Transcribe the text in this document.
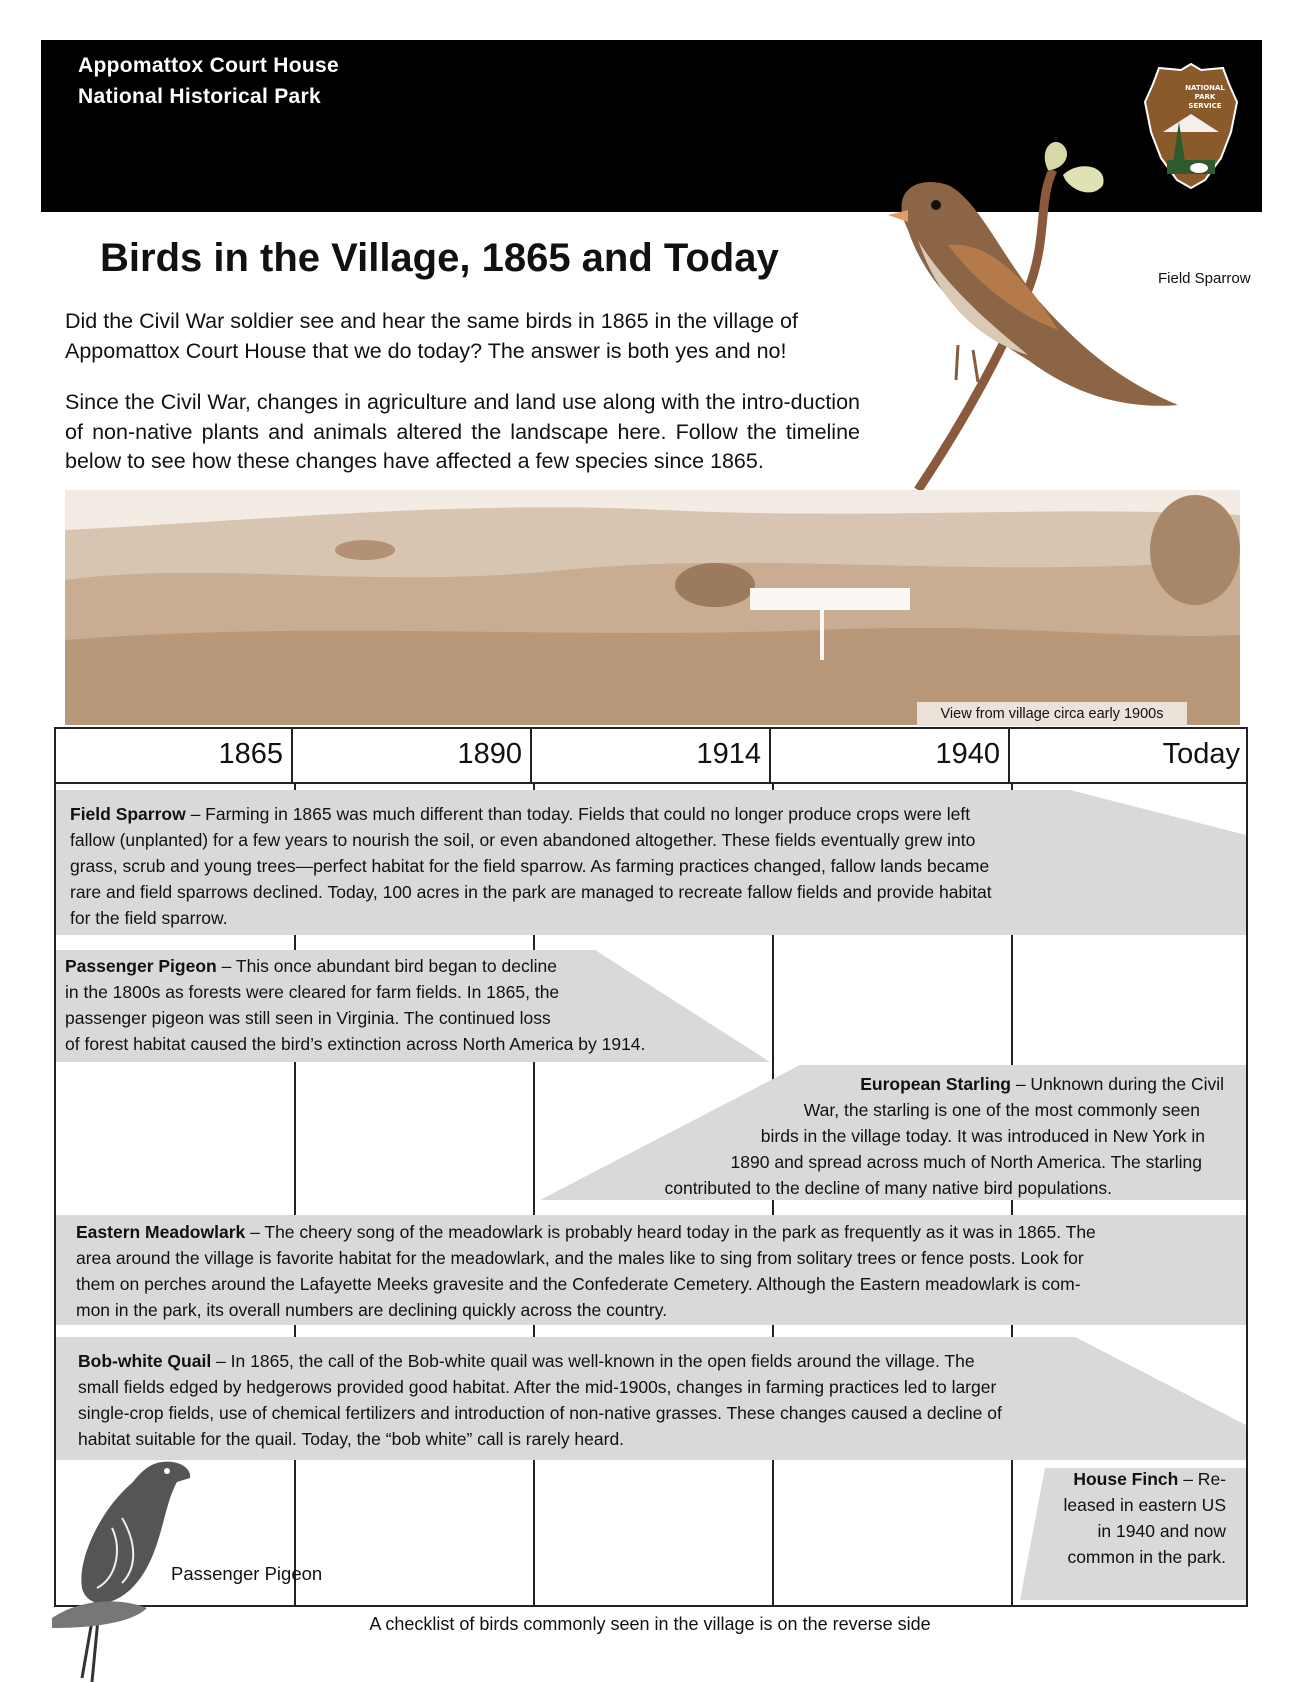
Appomattox Court House
National Historical Park	NATIONAL
PARK
SERVICE
Field Sparrow
Birds in the Village, 1865 and Today
Did the Civil War soldier see and hear the same birds in 1865 in the village of Appomattox Court House that we do today? The answer is both yes and no!
Since the Civil War, changes in agriculture and land use along with the intro-duction of non-native plants and animals altered the landscape here. Follow the timeline below to see how these changes have affected a few species since 1865.
View from village circa early 1900s
1865	1890	1914	1940	Today
Field Sparrow – Farming in 1865 was much different than today. Fields that could no longer produce crops were left
fallow (unplanted) for a few years to nourish the soil, or even abandoned altogether. These fields eventually grew into
grass, scrub and young trees—perfect habitat for the field sparrow. As farming practices changed, fallow lands became
rare and field sparrows declined. Today, 100 acres in the park are managed to recreate fallow fields and provide habitat
for the field sparrow.
Passenger Pigeon – This once abundant bird began to decline
in the 1800s as forests were cleared for farm fields. In 1865, the
passenger pigeon was still seen in Virginia. The continued loss
of forest habitat caused the bird’s extinction across North America by 1914.
European Starling – Unknown during the Civil
War, the starling is one of the most commonly seen
birds in the village today. It was introduced in New York in
1890 and spread across much of North America. The starling
contributed to the decline of many native bird populations.
Eastern Meadowlark – The cheery song of the meadowlark is probably heard today in the park as frequently as it was in 1865. The
area around the village is favorite habitat for the meadowlark, and the males like to sing from solitary trees or fence posts. Look for
them on perches around the Lafayette Meeks gravesite and the Confederate Cemetery. Although the Eastern meadowlark is com-
mon in the park, its overall numbers are declining quickly across the country.
Bob-white Quail – In 1865, the call of the Bob-white quail was well-known in the open fields around the village. The
small fields edged by hedgerows provided good habitat. After the mid-1900s, changes in farming practices led to larger
single-crop fields, use of chemical fertilizers and introduction of non-native grasses. These changes caused a decline of
habitat suitable for the quail. Today, the “bob white” call is rarely heard.
House Finch – Re-
leased in eastern US
in 1940 and now
common in the park.
Passenger Pigeon
A checklist of birds commonly seen in the village is on the reverse side
